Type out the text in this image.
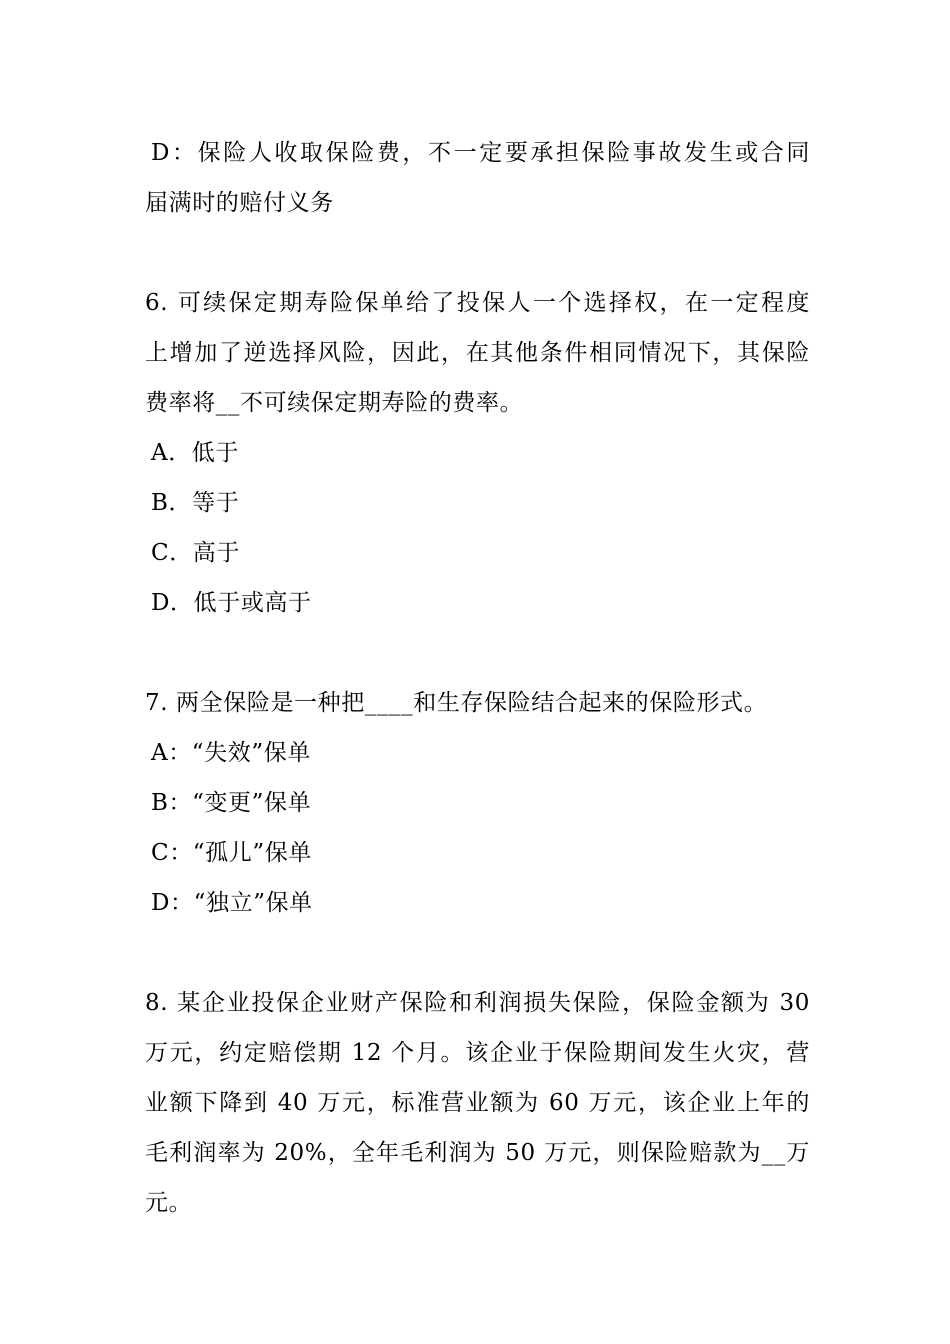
D：保险人收取保险费，不一定要承担保险事故发生或合同
届满时的赔付义务
6. 可续保定期寿险保单给了投保人一个选择权，在一定程度
上增加了逆选择风险，因此，在其他条件相同情况下，其保险
费率将__不可续保定期寿险的费率。
A．低于
B．等于
C．高于
D．低于或高于
7. 两全保险是一种把____和生存保险结合起来的保险形式。
A：“失效”保单
B：“变更”保单
C：“孤儿”保单
D：“独立”保单
8. 某企业投保企业财产保险和利润损失保险，保险金额为 30
万元，约定赔偿期 12 个月。该企业于保险期间发生火灾，营
业额下降到 40 万元，标准营业额为 60 万元，该企业上年的
毛利润率为 20%，全年毛利润为 50 万元，则保险赔款为__万
元。
